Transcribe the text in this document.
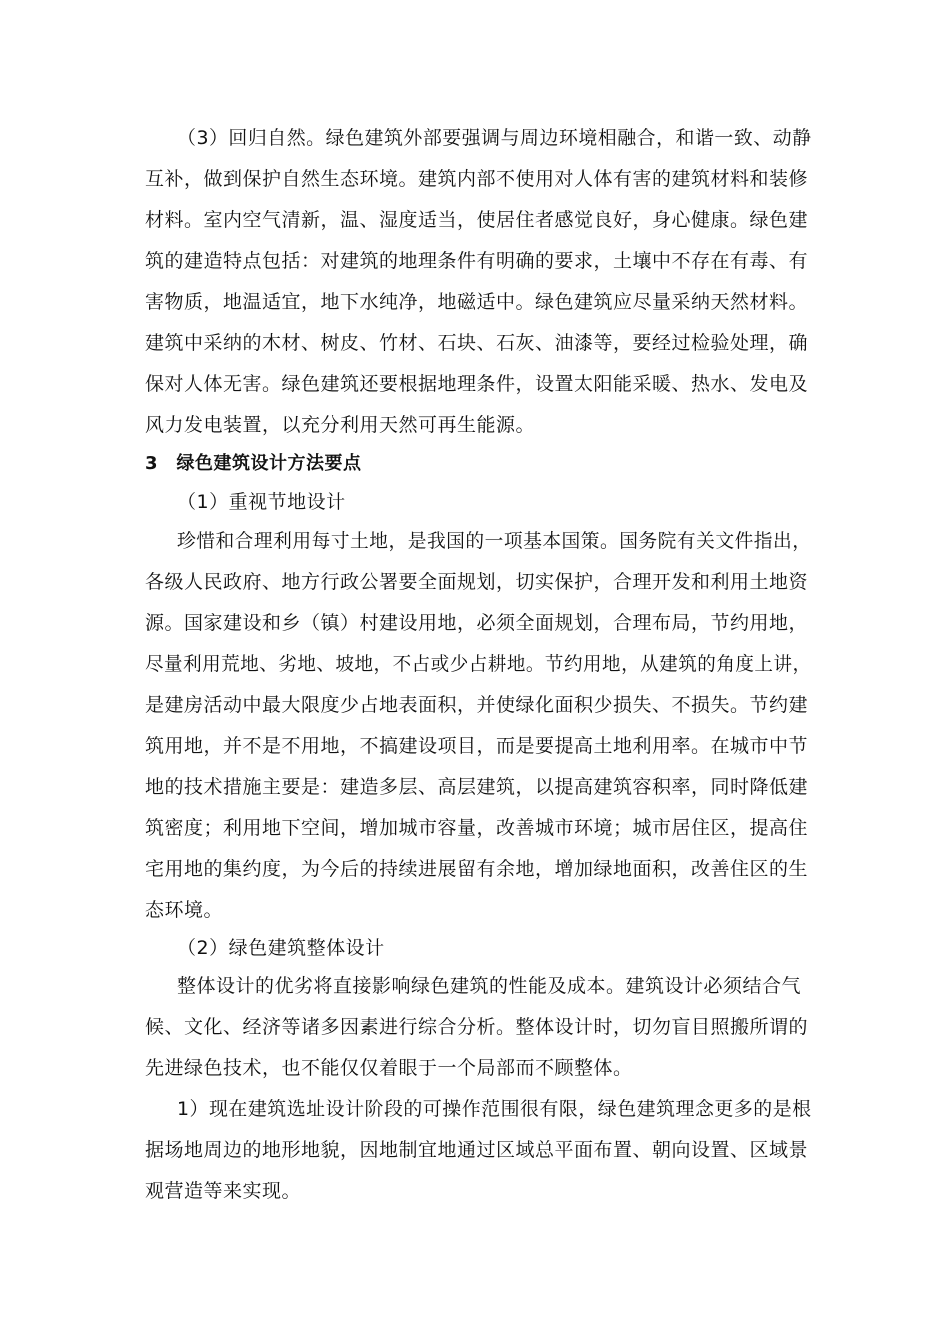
（3）回归自然。绿色建筑外部要强调与周边环境相融合，和谐一致、动静

互补，做到保护自然生态环境。建筑内部不使用对人体有害的建筑材料和装修

材料。室内空气清新，温、湿度适当，使居住者感觉良好，身心健康。绿色建

筑的建造特点包括：对建筑的地理条件有明确的要求，土壤中不存在有毒、有

害物质，地温适宜，地下水纯净，地磁适中。绿色建筑应尽量采纳天然材料。

建筑中采纳的木材、树皮、竹材、石块、石灰、油漆等，要经过检验处理，确

保对人体无害。绿色建筑还要根据地理条件，设置太阳能采暖、热水、发电及

风力发电装置，以充分利用天然可再生能源。

3　绿色建筑设计方法要点

（1）重视节地设计

珍惜和合理利用每寸土地，是我国的一项基本国策。国务院有关文件指出，

各级人民政府、地方行政公署要全面规划，切实保护，合理开发和利用土地资

源。国家建设和乡（镇）村建设用地，必须全面规划，合理布局，节约用地，

尽量利用荒地、劣地、坡地，不占或少占耕地。节约用地，从建筑的角度上讲，

是建房活动中最大限度少占地表面积，并使绿化面积少损失、不损失。节约建

筑用地，并不是不用地，不搞建设项目，而是要提高土地利用率。在城市中节

地的技术措施主要是：建造多层、高层建筑，以提高建筑容积率，同时降低建

筑密度；利用地下空间，增加城市容量，改善城市环境；城市居住区，提高住

宅用地的集约度，为今后的持续进展留有余地，增加绿地面积，改善住区的生

态环境。

（2）绿色建筑整体设计

整体设计的优劣将直接影响绿色建筑的性能及成本。建筑设计必须结合气

候、文化、经济等诸多因素进行综合分析。整体设计时，切勿盲目照搬所谓的

先进绿色技术，也不能仅仅着眼于一个局部而不顾整体。

1）现在建筑选址设计阶段的可操作范围很有限，绿色建筑理念更多的是根

据场地周边的地形地貌，因地制宜地通过区域总平面布置、朝向设置、区域景

观营造等来实现。
